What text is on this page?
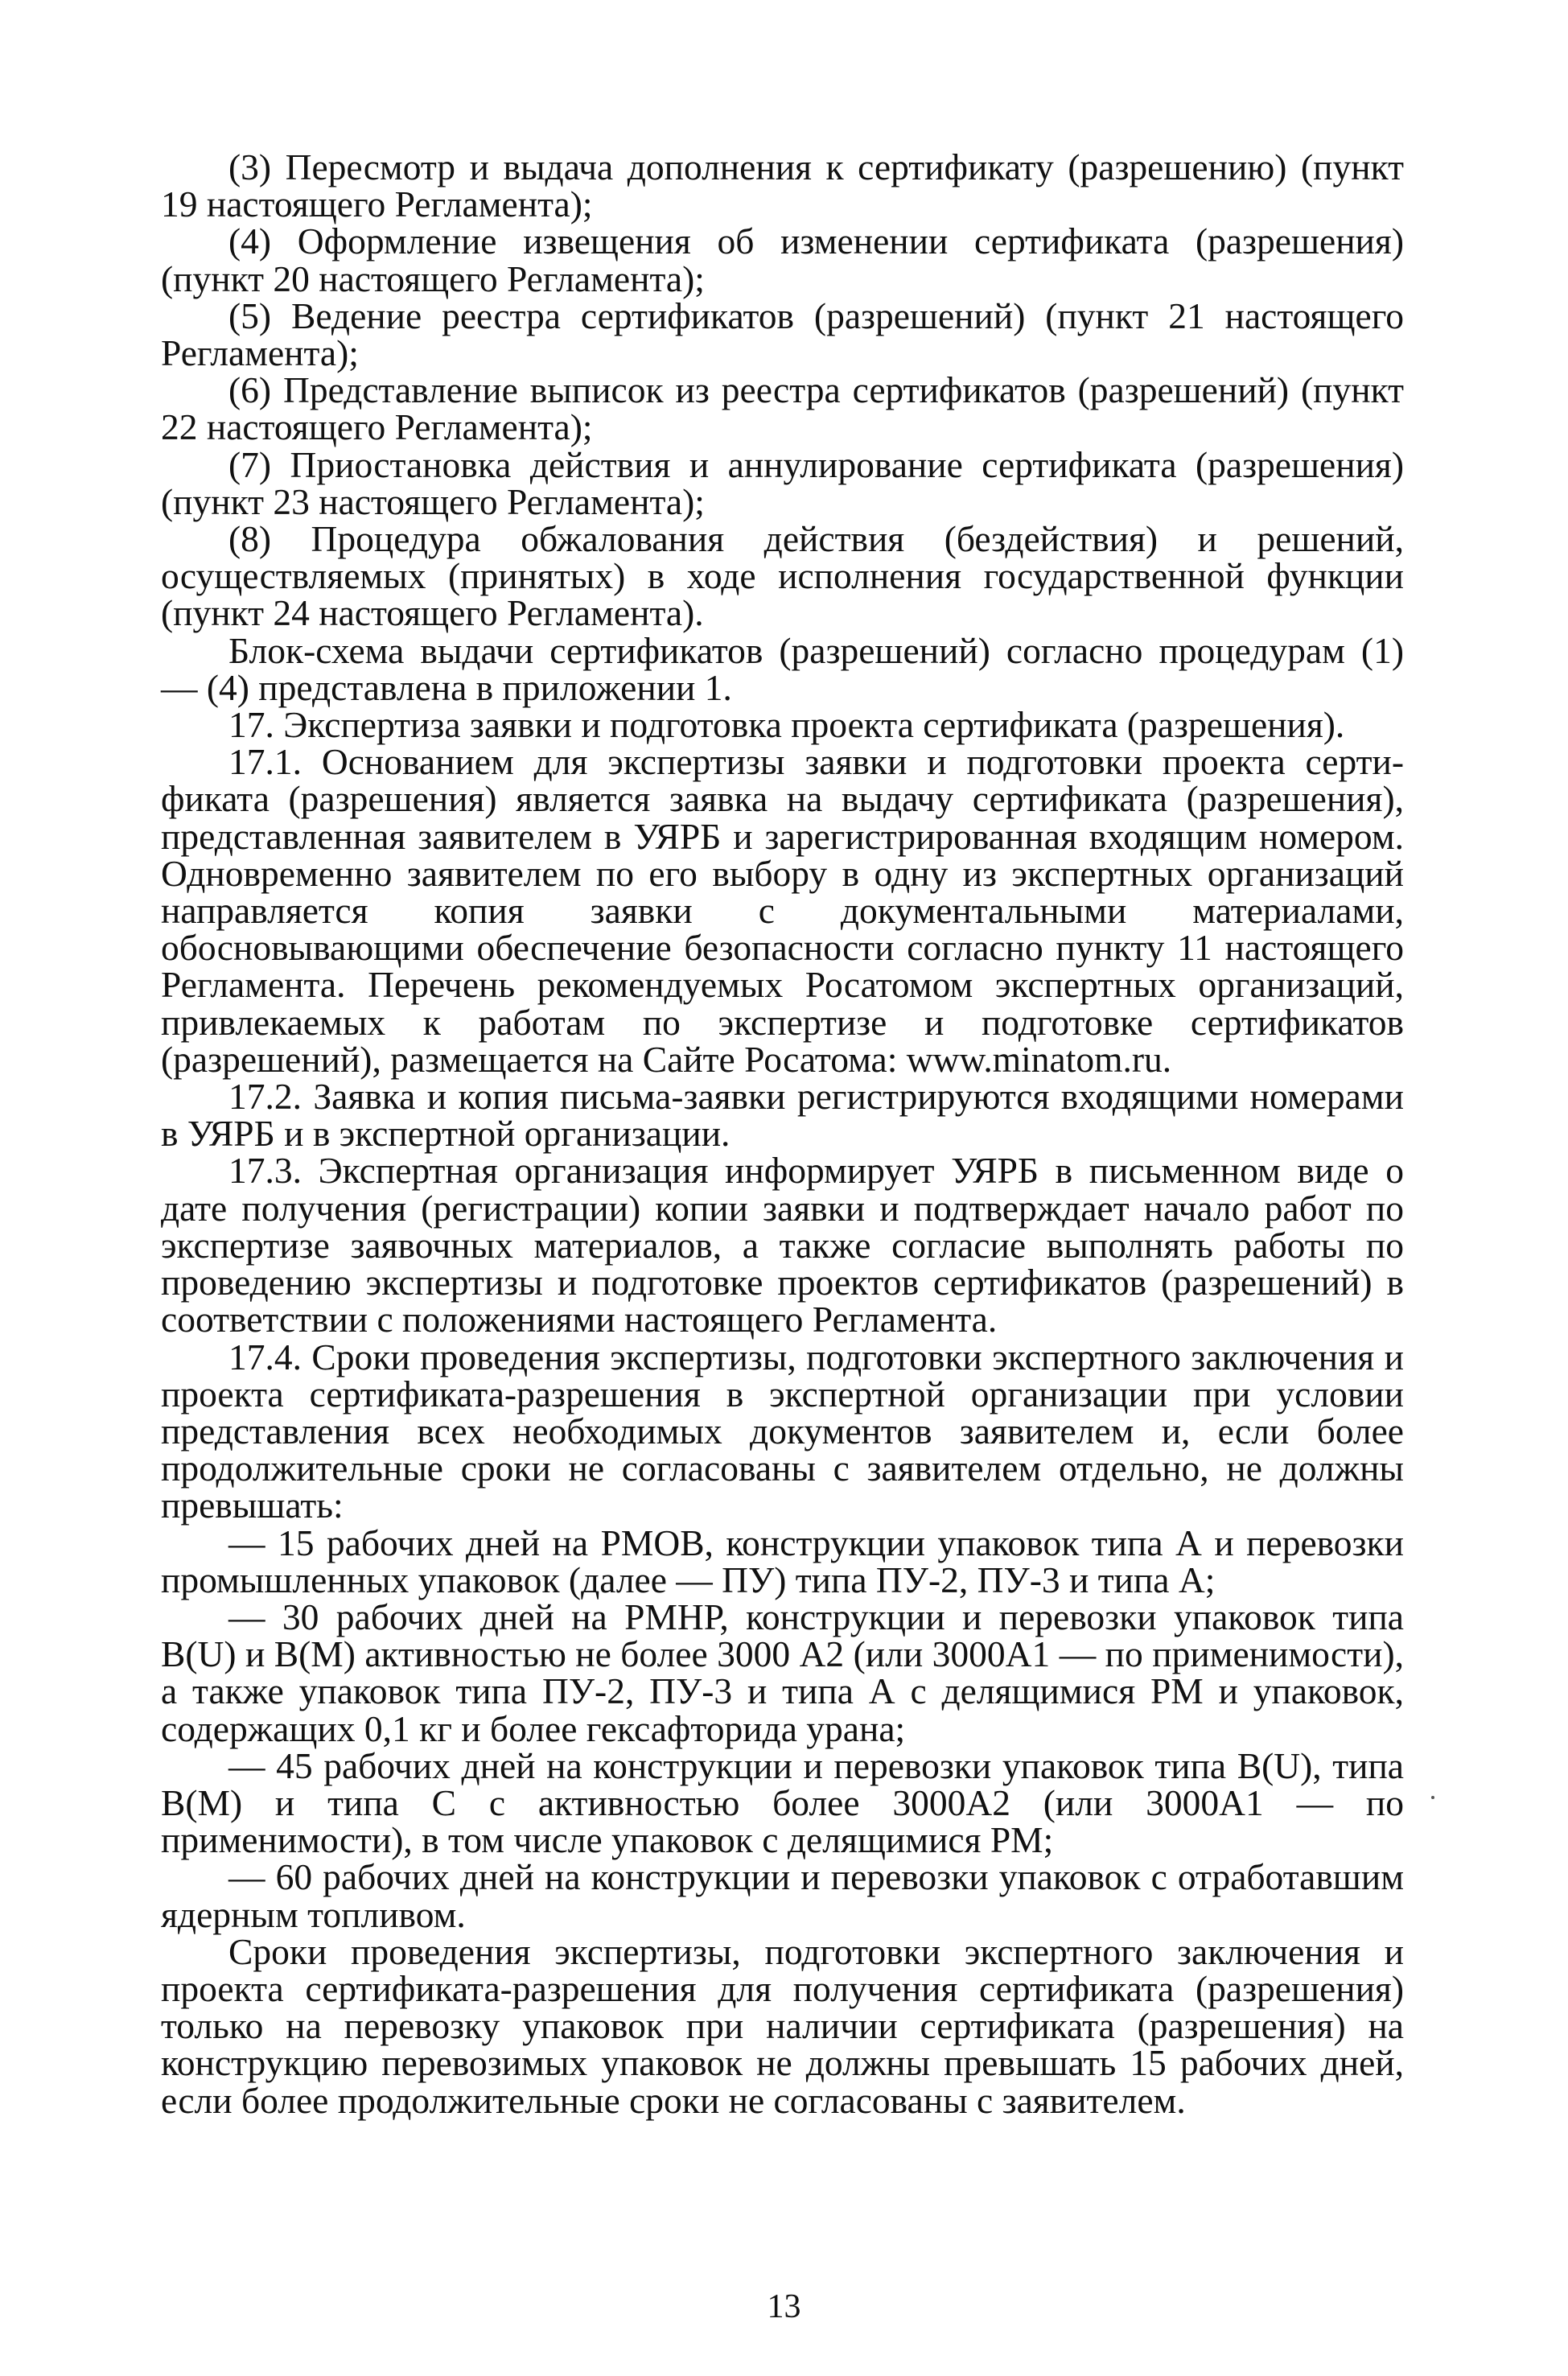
(3) Пересмотр и выдача дополнения к сертификату (разрешению) (пункт 19 настоящего Регламента);

(4) Оформление извещения об изменении сертификата (разрешения) (пункт 20 настоящего Регламента);

(5) Ведение реестра сертификатов (разрешений) (пункт 21 настоящего Регламента);

(6) Представление выписок из реестра сертификатов (разрешений) (пункт 22 настоящего Регламента);

(7) Приостановка действия и аннулирование сертификата (разрешения) (пункт 23 настоящего Регламента);

(8) Процедура обжалования действия (бездействия) и решений, осуществляемых (принятых) в ходе исполнения государственной функции (пункт 24 настоящего Регламента).

Блок-схема выдачи сертификатов (разрешений) согласно процедурам (1) — (4) представлена в приложении 1.

17. Экспертиза заявки и подготовка проекта сертификата (разрешения).

17.1. Основанием для экспертизы заявки и подготовки проекта сертификата (разрешения) является заявка на выдачу сертификата (разрешения), представленная заявителем в УЯРБ и зарегистрированная входящим номером. Одновременно заявителем по его выбору в одну из экспертных организаций направляется копия заявки с документальными материалами, обосновывающими обеспечение безопасности согласно пункту 11 настоящего Регламента. Перечень рекомендуемых Росатомом экспертных организаций, привлекаемых к работам по экспертизе и подготовке сертификатов (разрешений), размещается на Сайте Росатома: www.minatom.ru.

17.2. Заявка и копия письма-заявки регистрируются входящими номерами в УЯРБ и в экспертной организации.

17.3. Экспертная организация информирует УЯРБ в письменном виде о дате получения (регистрации) копии заявки и подтверждает начало работ по экспертизе заявочных материалов, а также согласие выполнять работы по проведению экспертизы и подготовке проектов сертификатов (разрешений) в соответствии с положениями настоящего Регламента.

17.4. Сроки проведения экспертизы, подготовки экспертного заключения и проекта сертификата-разрешения в экспертной организации при условии представления всех необходимых документов заявителем и, если более продолжительные сроки не согласованы с заявителем отдельно, не должны превышать:

— 15 рабочих дней на РМОВ, конструкции упаковок типа А и перевозки промышленных упаковок (далее — ПУ) типа ПУ-2, ПУ-3 и типа А;

— 30 рабочих дней на РМНР, конструкции и перевозки упаковок типа В(U) и В(М) активностью не более 3000 А2 (или 3000А1 — по применимости), а также упаковок типа ПУ-2, ПУ-3 и типа А с делящимися РМ и упаковок, содержащих 0,1 кг и более гексафторида урана;

— 45 рабочих дней на конструкции и перевозки упаковок типа В(U), типа В(М) и типа С с активностью более 3000А2 (или 3000А1 — по применимости), в том числе упаковок с делящимися РМ;

— 60 рабочих дней на конструкции и перевозки упаковок с отработавшим ядерным топливом.

Сроки проведения экспертизы, подготовки экспертного заключения и проекта сертификата-разрешения для получения сертификата (разрешения) только на перевозку упаковок при наличии сертификата (разрешения) на конструкцию перевозимых упаковок не должны превышать 15 рабочих дней, если более продолжительные сроки не согласованы с заявителем.

13
